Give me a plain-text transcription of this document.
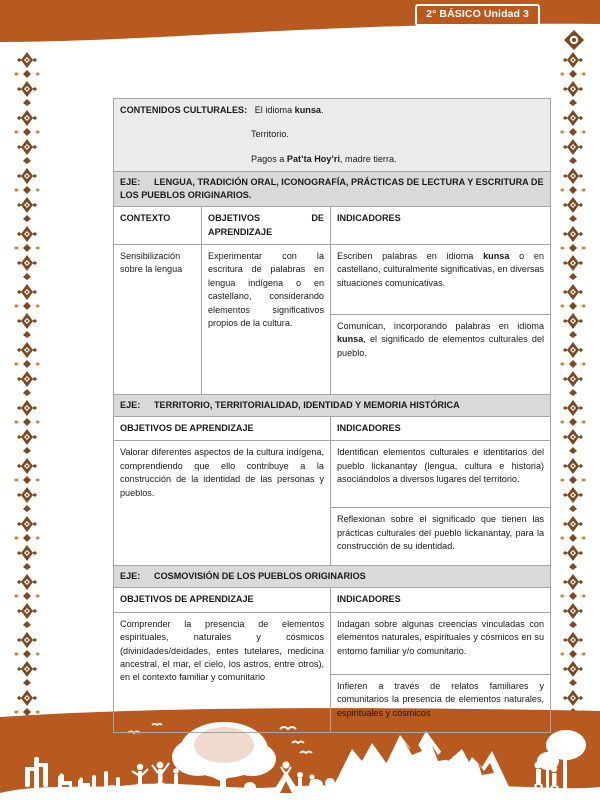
2° BÁSICO Unidad 3
CONTENIDOS CULTURALES: El idioma kunsa.
Territorio.
Pagos a Pat’ta Hoy’ri, madre tierra.		

EJE: LENGUA, TRADICIÓN ORAL, ICONOGRAFÍA, PRÁCTICAS DE LECTURA Y ESCRITURA DE LOS PUEBLOS ORIGINARIOS.		
CONTEXTO	OBJETIVOS DE APRENDIZAJE	INDICADORES
Sensibilización sobre la lengua	Experimentar con la escritura de palabras en lengua indígena o en castellano, considerando elementos significativos propios de la cultura.	Escriben palabras en idioma kunsa o en castellano, culturalmente significativas, en diversas situaciones comunicativas.
		Comunican, incorporando palabras en idioma kunsa, el significado de elementos culturales del pueblo.
EJE: TERRITORIO, TERRITORIALIDAD, IDENTIDAD Y MEMORIA HISTÓRICA		
OBJETIVOS DE APRENDIZAJE		INDICADORES
Valorar diferentes aspectos de la cultura indígena, comprendiendo que ello contribuye a la construcción de la identidad de las personas y pueblos.		Identifican elementos culturales e identitarios del pueblo lickanantay (lengua, cultura e historia) asociándolos a diversos lugares del territorio.
		Reflexionan sobre el significado que tienen las prácticas culturales del pueblo lickanantay, para la construcción de su identidad.
EJE: COSMOVISIÓN DE LOS PUEBLOS ORIGINARIOS		
OBJETIVOS DE APRENDIZAJE		INDICADORES
Comprender la presencia de elementos espirituales, naturales y cósmicos (divinidades/deidades, entes tutelares, medicina ancestral, el mar, el cielo, los astros, entre otros), en el contexto familiar y comunitario		Indagan sobre algunas creencias vinculadas con elementos naturales, espirituales y cósmicos en su entorno familiar y/o comunitario.
		Infieren a través de relatos familiares y comunitarios la presencia de elementos naturales, espirituales y cósmicos
